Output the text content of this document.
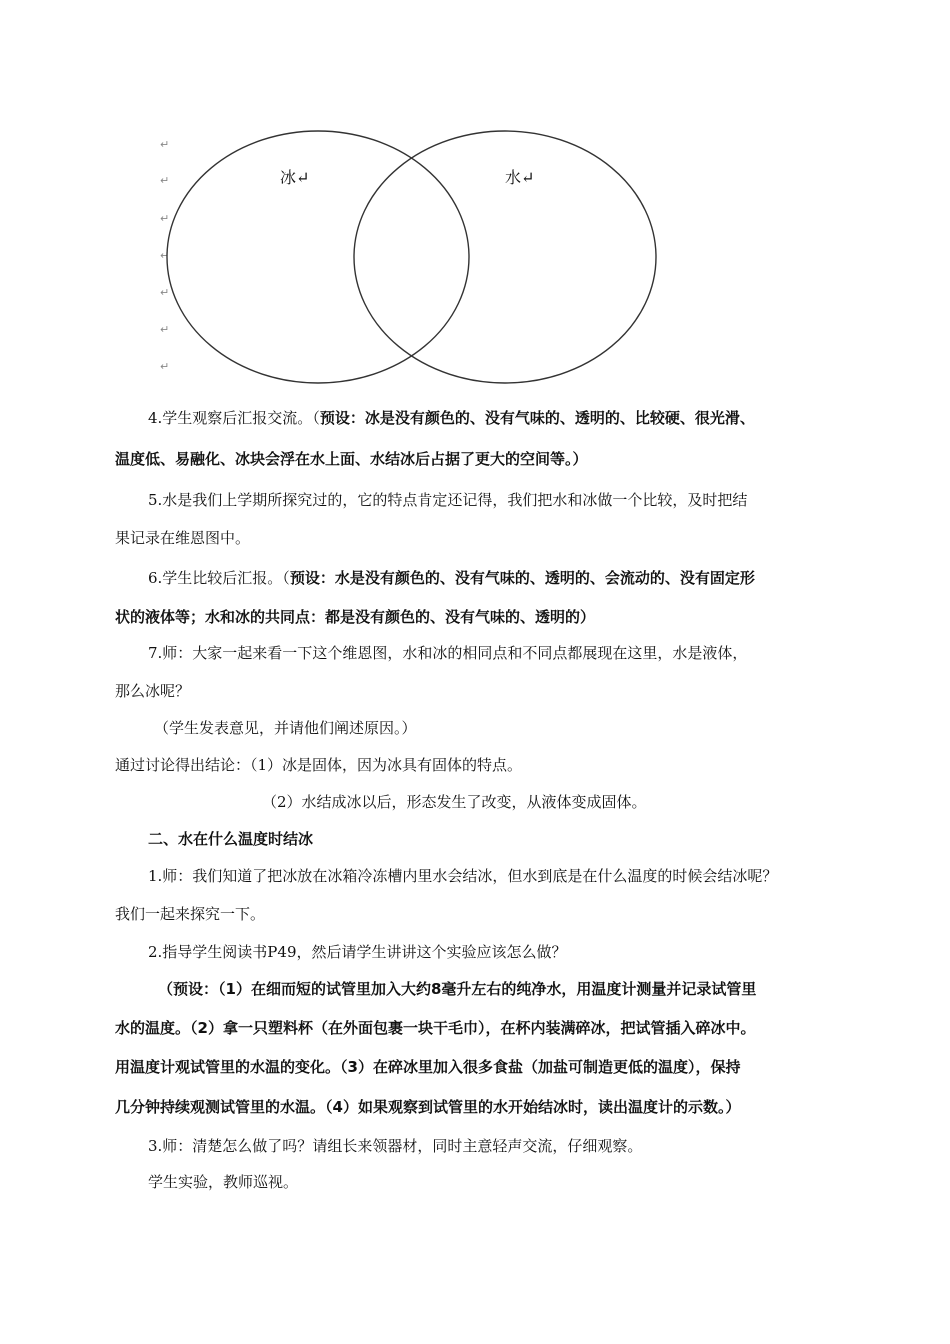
↵
↵
↵
↵
↵
↵
↵
冰↵	水↵
4.学生观察后汇报交流。（预设：冰是没有颜色的、没有气味的、透明的、比较硬、很光滑、
温度低、易融化、冰块会浮在水上面、水结冰后占据了更大的空间等。）
5.水是我们上学期所探究过的，它的特点肯定还记得，我们把水和冰做一个比较，及时把结
果记录在维恩图中。
6.学生比较后汇报。（预设：水是没有颜色的、没有气味的、透明的、会流动的、没有固定形
状的液体等；水和冰的共同点：都是没有颜色的、没有气味的、透明的）
7.师：大家一起来看一下这个维恩图，水和冰的相同点和不同点都展现在这里，水是液体，
那么冰呢？
（学生发表意见，并请他们阐述原因。）
通过讨论得出结论：（1）冰是固体，因为冰具有固体的特点。
（2）水结成冰以后，形态发生了改变，从液体变成固体。
二、水在什么温度时结冰
1.师：我们知道了把冰放在冰箱冷冻槽内里水会结冰，但水到底是在什么温度的时候会结冰呢？
我们一起来探究一下。
2.指导学生阅读书P49，然后请学生讲讲这个实验应该怎么做？
（预设：（1）在细而短的试管里加入大约8毫升左右的纯净水，用温度计测量并记录试管里
水的温度。（2）拿一只塑料杯（在外面包裹一块干毛巾），在杯内装满碎冰，把试管插入碎冰中。
用温度计观试管里的水温的变化。（3）在碎冰里加入很多食盐（加盐可制造更低的温度），保持
几分钟持续观测试管里的水温。（4）如果观察到试管里的水开始结冰时，读出温度计的示数。）
3.师：清楚怎么做了吗？请组长来领器材，同时主意轻声交流，仔细观察。
学生实验，教师巡视。
